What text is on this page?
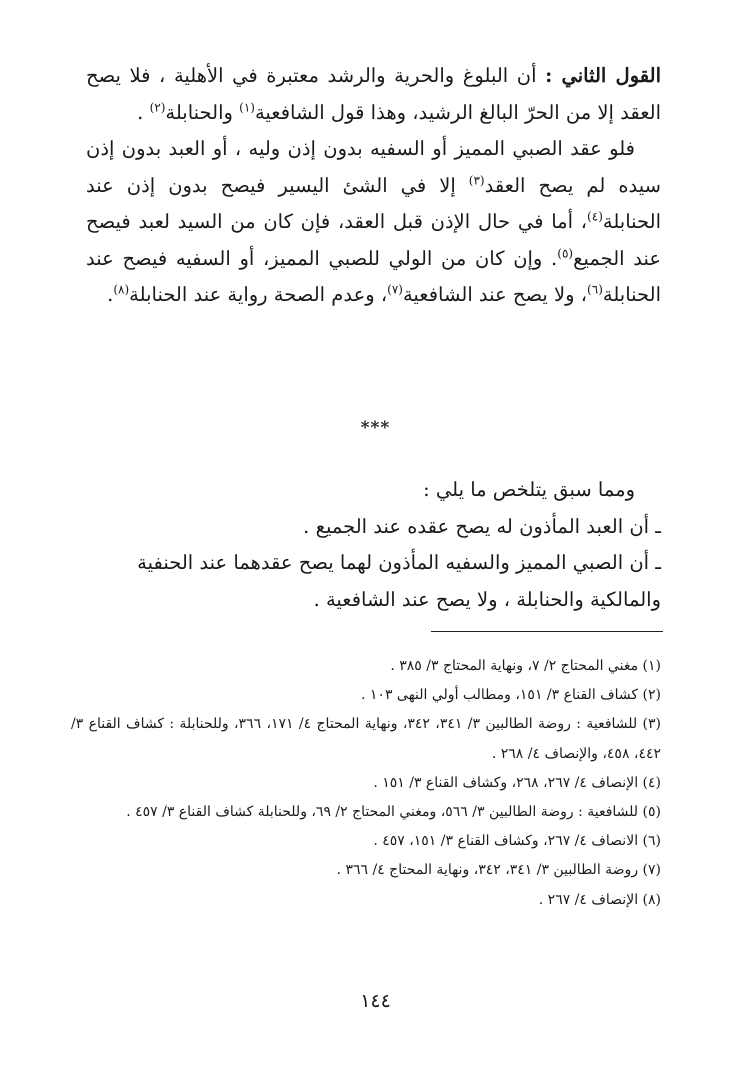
القول الثاني : أن البلوغ والحرية والرشد معتبرة في الأهلية ، فلا يصح العقد إلا من الحرّ البالغ الرشيد، وهذا قول الشافعية$^{(١)}$ والحنابلة$^{(٢)}$ .

فلو عقد الصبي المميز أو السفيه بدون إذن وليه ، أو العبد بدون إذن سيده لم يصح العقد$^{(٣)}$ إلا في الشئ اليسير فيصح بدون إذن عند الحنابلة$^{(٤)}$، أما في حال الإذن قبل العقد، فإن كان من السيد لعبد فيصح عند الجميع$^{(٥)}$. وإن كان من الولي للصبي المميز، أو السفيه فيصح عند الحنابلة$^{(٦)}$، ولا يصح عند الشافعية$^{(٧)}$، وعدم الصحة رواية عند الحنابلة$^{(٨)}$.

***

ومما سبق يتلخص ما يلي :

ـ أن العبد المأذون له يصح عقده عند الجميع .

ـ أن الصبي المميز والسفيه المأذون لهما يصح عقدهما عند الحنفية والمالكية والحنابلة ، ولا يصح عند الشافعية .

(١) مغني المحتاج ٢/ ٧، ونهاية المحتاج ٣/ ٣٨٥ .
(٢) كشاف القناع ٣/ ١٥١، ومطالب أولي النهى ١٠٣ .
(٣) للشافعية : روضة الطالبين ٣/ ٣٤١، ٣٤٢، ونهاية المحتاج ٤/ ١٧١، ٣٦٦، وللحنابلة : كشاف القناع ٣/ ٤٤٢، ٤٥٨، والإنصاف ٤/ ٢٦٨ .
(٤) الإنصاف ٤/ ٢٦٧، ٢٦٨، وكشاف القناع ٣/ ١٥١ .
(٥) للشافعية : روضة الطالبين ٣/ ٥٦٦، ومغني المحتاج ٢/ ٦٩، وللحنابلة كشاف القناع ٣/ ٤٥٧ .
(٦) الانصاف ٤/ ٢٦٧، وكشاف القناع ٣/ ١٥١، ٤٥٧ .
(٧) روضة الطالبين ٣/ ٣٤١، ٣٤٢، ونهاية المحتاج ٤/ ٣٦٦ .
(٨) الإنصاف ٤/ ٢٦٧ .
١٤٤
